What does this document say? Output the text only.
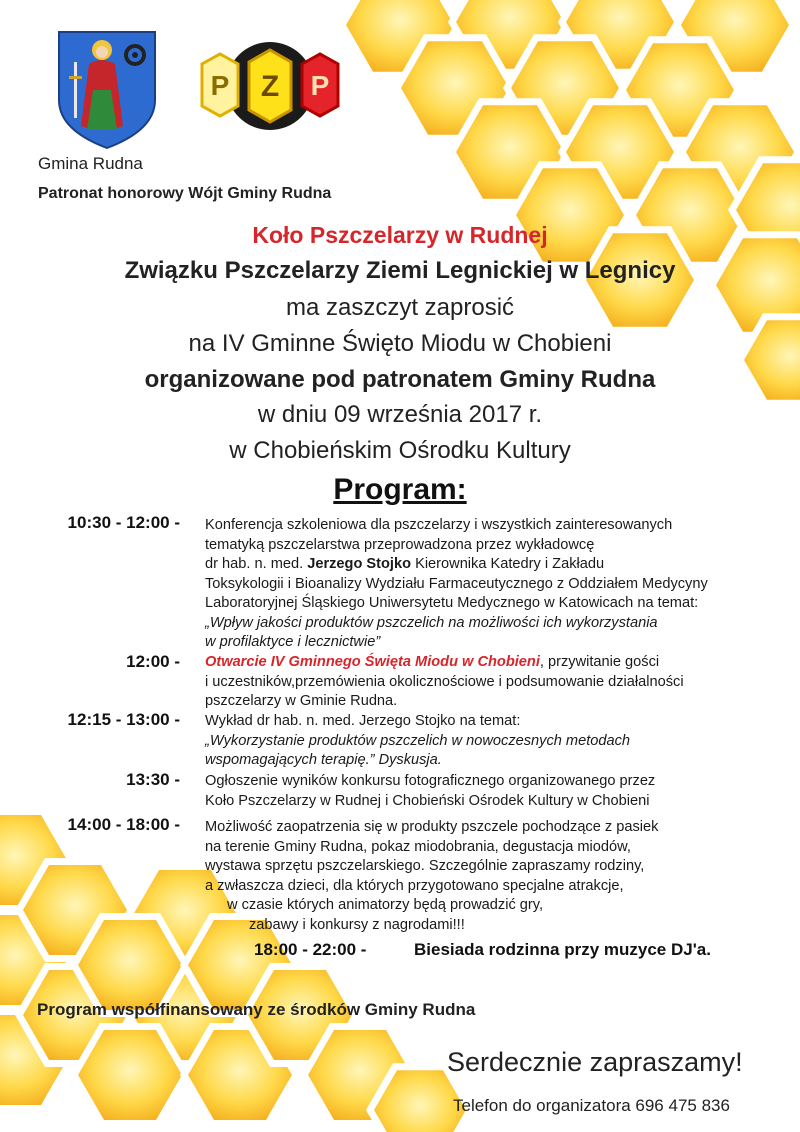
P Z P
Gmina Rudna
Patronat honorowy Wójt Gminy Rudna
Koło Pszczelarzy w Rudnej
Związku Pszczelarzy Ziemi Legnickiej w Legnicy
ma zaszczyt zaprosić
na IV Gminne Święto Miodu w Chobieni
organizowane pod patronatem Gminy Rudna
w dniu 09 września 2017 r.
w Chobieńskim Ośrodku Kultury
Program:
10:30 - 12:00 - Konferencja szkoleniowa dla pszczelarzy i wszystkich zainteresowanych

tematyką pszczelarstwa przeprowadzona przez wykładowcę

dr hab. n. med. Jerzego Stojko Kierownika Katedry i Zakładu

Toksykologii i Bioanalizy Wydziału Farmaceutycznego z Oddziałem Medycyny

Laboratoryjnej Śląskiego Uniwersytetu Medycznego w Katowicach na temat:

„Wpływ jakości produktów pszczelich na możliwości ich wykorzystania

w profilaktyce i lecznictwie”

12:00 - Otwarcie IV Gminnego Święta Miodu w Chobieni, przywitanie gości

i uczestników,przemówienia okolicznościowe i podsumowanie działalności

pszczelarzy w Gminie Rudna.

12:15 - 13:00 - Wykład dr hab. n. med. Jerzego Stojko na temat:

„Wykorzystanie produktów pszczelich w nowoczesnych metodach

wspomagających terapię.” Dyskusja.

13:30 - Ogłoszenie wyników konkursu fotograficznego organizowanego przez

Koło Pszczelarzy w Rudnej i Chobieński Ośrodek Kultury w Chobieni

14:00 - 18:00 - Możliwość zaopatrzenia się w produkty pszczele pochodzące z pasiek

na terenie Gminy Rudna, pokaz miodobrania, degustacja miodów,

wystawa sprzętu pszczelarskiego. Szczególnie zapraszamy rodziny,

a zwłaszcza dzieci, dla których przygotowano specjalne atrakcje,

w czasie których animatorzy będą prowadzić gry,

zabawy i konkursy z nagrodami!!!

18:00 - 22:00 -	Biesiada rodzinna przy muzyce DJ'a.
Program współfinansowany ze środków Gminy Rudna
Serdecznie zapraszamy!
Telefon do organizatora 696 475 836
